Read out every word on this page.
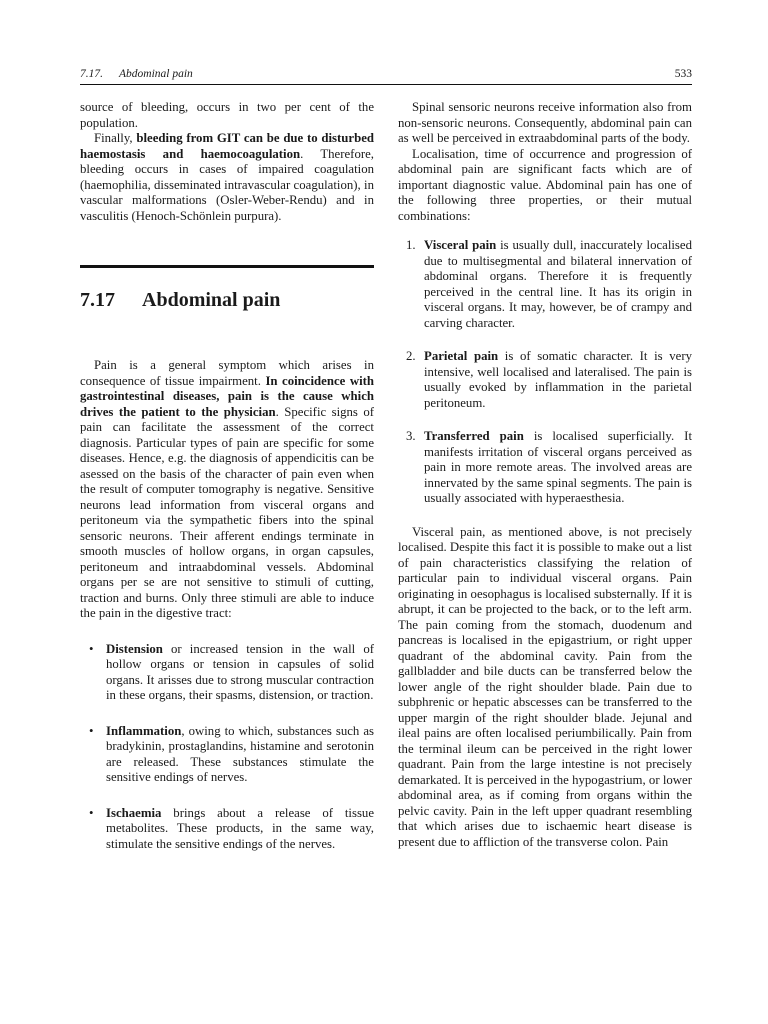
7.17. Abdominal pain	533

source of bleeding, occurs in two per cent of the population.

Finally, bleeding from GIT can be due to disturbed haemostasis and haemocoagulation. Therefore, bleeding occurs in cases of impaired coagulation (haemophilia, disseminated intravascular coagulation), in vascular malformations (Osler-Weber-Rendu) and in vasculitis (Henoch-Schönlein purpura).

7.17 Abdominal pain

Pain is a general symptom which arises in consequence of tissue impairment. In coincidence with gastrointestinal diseases, pain is the cause which drives the patient to the physician. Specific signs of pain can facilitate the assessment of the correct diagnosis. Particular types of pain are specific for some diseases. Hence, e.g. the diagnosis of appendicitis can be asessed on the basis of the character of pain even when the result of computer tomography is negative. Sensitive neurons lead information from visceral organs and peritoneum via the sympathetic fibers into the spinal sensoric neurons. Their afferent endings terminate in smooth muscles of hollow organs, in organ capsules, peritoneum and intraabdominal vessels. Abdominal organs per se are not sensitive to stimuli of cutting, traction and burns. Only three stimuli are able to induce the pain in the digestive tract:

• Distension or increased tension in the wall of hollow organs or tension in capsules of solid organs. It arisses due to strong muscular contraction in these organs, their spasms, distension, or traction.
• Inflammation, owing to which, substances such as bradykinin, prostaglandins, histamine and serotonin are released. These substances stimulate the sensitive endings of nerves.
• Ischaemia brings about a release of tissue metabolites. These products, in the same way, stimulate the sensitive endings of the nerves.

Spinal sensoric neurons receive information also from non-sensoric neurons. Consequently, abdominal pain can as well be perceived in extraabdominal parts of the body.

Localisation, time of occurrence and progression of abdominal pain are significant facts which are of important diagnostic value. Abdominal pain has one of the following three properties, or their mutual combinations:

1. Visceral pain is usually dull, inaccurately localised due to multisegmental and bilateral innervation of abdominal organs. Therefore it is frequently perceived in the central line. It has its origin in visceral organs. It may, however, be of crampy and carving character.
2. Parietal pain is of somatic character. It is very intensive, well localised and lateralised. The pain is usually evoked by inflammation in the parietal peritoneum.
3. Transferred pain is localised superficially. It manifests irritation of visceral organs perceived as pain in more remote areas. The involved areas are innervated by the same spinal segments. The pain is usually associated with hyperaesthesia.

Visceral pain, as mentioned above, is not precisely localised. Despite this fact it is possible to make out a list of pain characteristics classifying the relation of particular pain to individual visceral organs. Pain originating in oesophagus is localised substernally. If it is abrupt, it can be projected to the back, or to the left arm. The pain coming from the stomach, duodenum and pancreas is localised in the epigastrium, or right upper quadrant of the abdominal cavity. Pain from the gallbladder and bile ducts can be transferred below the lower angle of the right shoulder blade. Pain due to subphrenic or hepatic abscesses can be transferred to the upper margin of the right shoulder blade. Jejunal and ileal pains are often localised periumbilically. Pain from the terminal ileum can be perceived in the right lower quadrant. Pain from the large intestine is not precisely demarkated. It is perceived in the hypogastrium, or lower abdominal area, as if coming from organs within the pelvic cavity. Pain in the left upper quadrant resembling that which arises due to ischaemic heart disease is present due to affliction of the transverse colon. Pain
